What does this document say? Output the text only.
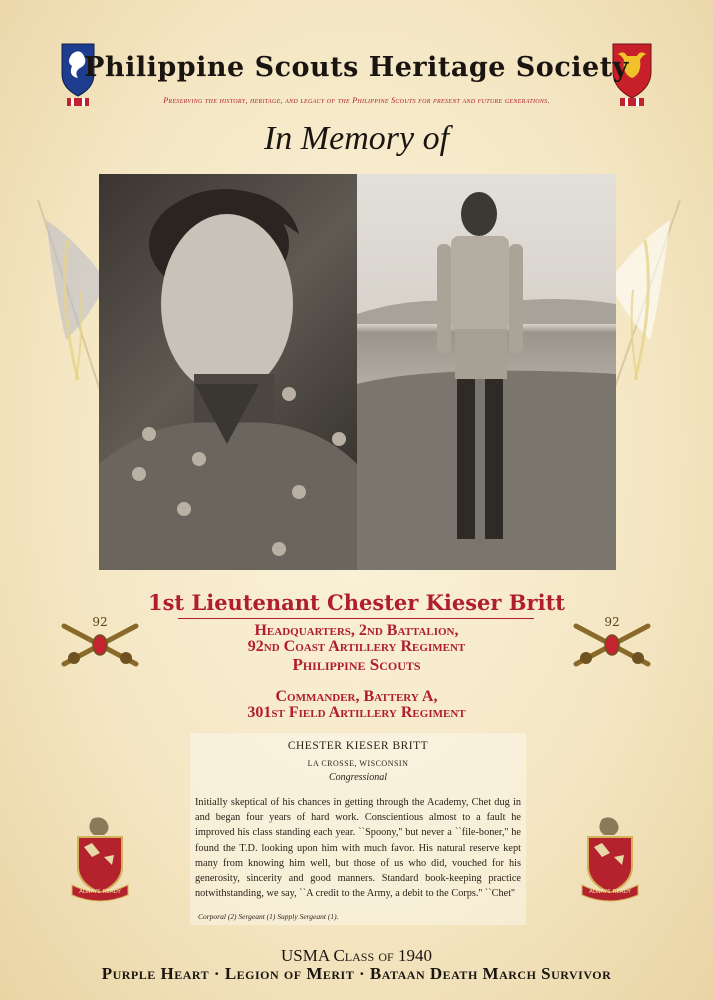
Philippine Scouts Heritage Society
Preserving the history, heritage, and legacy of the Philippine Scouts for present and future generations.
In Memory of
1st Lieutenant Chester Kieser Britt
Headquarters, 2nd Battalion,
92nd Coast Artillery Regiment
Philippine Scouts
Commander, Battery A,
301st Field Artillery Regiment
92	92
CHESTER KIESER BRITT
LA CROSSE, WISCONSIN
Congressional

Initially skeptical of his chances in getting through the Academy, Chet dug in and began four years of hard work. Conscientious almost to a fault he improved his class standing each year. ``Spoony,'' but never a ``file-boner,'' he found the T.D. looking upon him with much favor. His natural reserve kept many from knowing him well, but those of us who did, vouched for his generosity, sincerity and good manners. Standard book-keeping practice notwithstanding, we say, ``A credit to the Army, a debit to the Corps.'' ``Chet''

Corporal (2) Sergeant (1) Supply Sergeant (1).
ALWAYS READY	ALWAYS READY
USMA Class of 1940
Purple Heart · Legion of Merit · Bataan Death March Survivor
